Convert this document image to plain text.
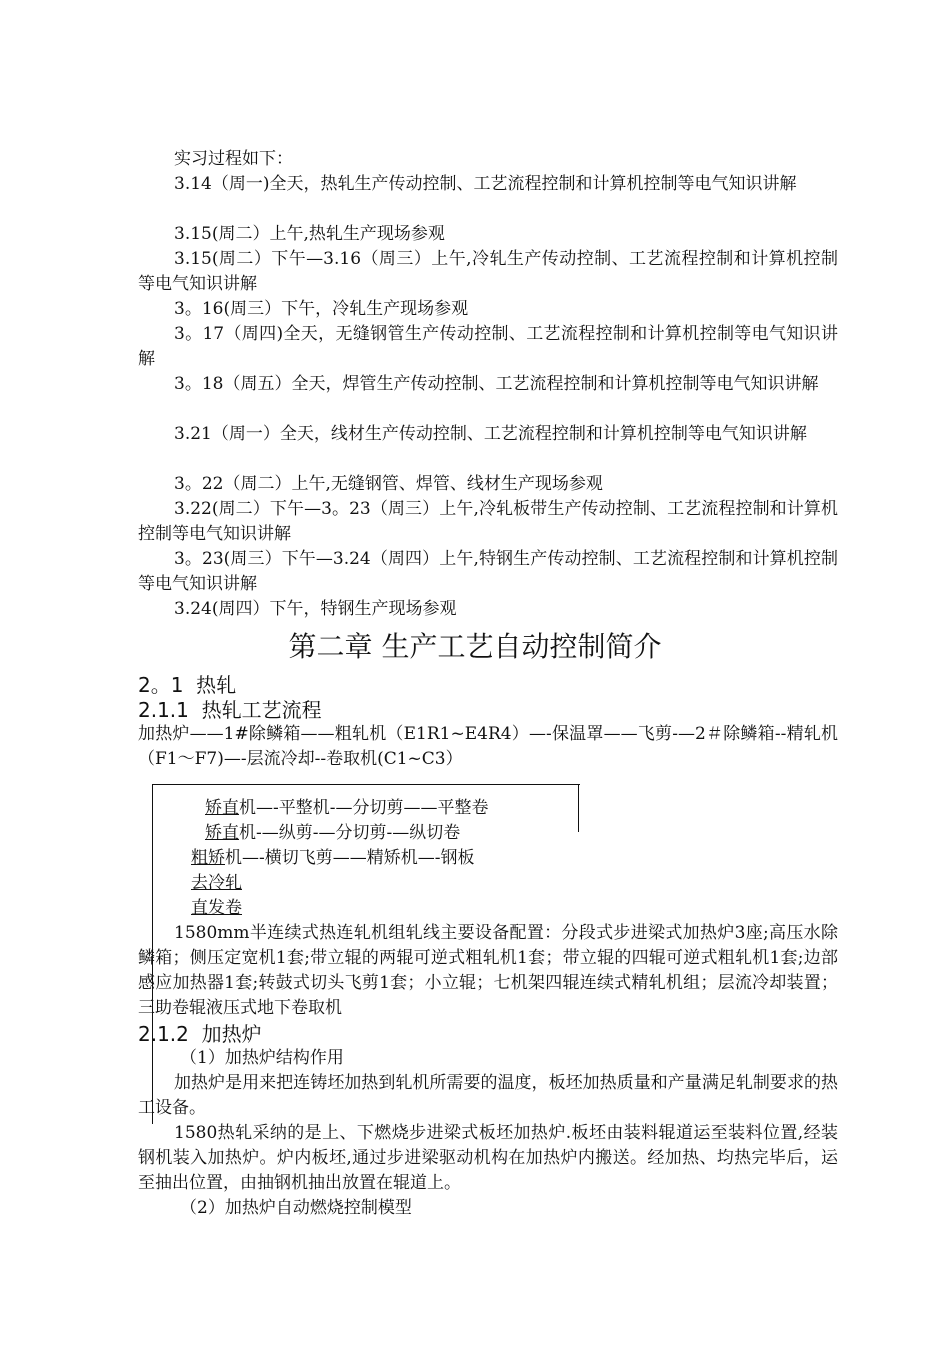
实习过程如下：
3.14（周一)全天，热轧生产传动控制、工艺流程控制和计算机控制等电气知识讲解
3.15(周二）上午,热轧生产现场参观
3.15(周二）下午—3.16（周三）上午,冷轧生产传动控制、工艺流程控制和计算机控制等电气知识讲解
3。16(周三）下午，冷轧生产现场参观
3。17（周四)全天，无缝钢管生产传动控制、工艺流程控制和计算机控制等电气知识讲解
3。18（周五）全天，焊管生产传动控制、工艺流程控制和计算机控制等电气知识讲解
3.21（周一）全天，线材生产传动控制、工艺流程控制和计算机控制等电气知识讲解
3。22（周二）上午,无缝钢管、焊管、线材生产现场参观
3.22(周二）下午—3。23（周三）上午,冷轧板带生产传动控制、工艺流程控制和计算机控制等电气知识讲解
3。23(周三）下午—3.24（周四）上午,特钢生产传动控制、工艺流程控制和计算机控制等电气知识讲解
3.24(周四）下午，特钢生产现场参观
第二章 生产工艺自动控制简介
2。1  热轧
2.1.1  热轧工艺流程
加热炉——1#除鳞箱——粗轧机（E1R1~E4R4）—-保温罩——飞剪-—2＃除鳞箱--精轧机（F1～F7)—-层流冷却--卷取机(C1~C3）
矫直机—-平整机-—分切剪——平整卷
矫直机-—纵剪-—分切剪-—纵切卷
粗矫机—-横切飞剪——精矫机—-钢板
去冷轧
直发卷
1580mm半连续式热连轧机组轧线主要设备配置：分段式步进梁式加热炉3座;高压水除鳞箱；侧压定宽机1套;带立辊的两辊可逆式粗轧机1套；带立辊的四辊可逆式粗轧机1套;边部感应加热器1套;转鼓式切头飞剪1套；小立辊；七机架四辊连续式精轧机组；层流冷却装置；三助卷辊液压式地下卷取机
2.1.2  加热炉
（1）加热炉结构作用
加热炉是用来把连铸坯加热到轧机所需要的温度，板坯加热质量和产量满足轧制要求的热工设备。
1580热轧采纳的是上、下燃烧步进梁式板坯加热炉.板坯由装料辊道运至装料位置,经装钢机装入加热炉。炉内板坯,通过步进梁驱动机构在加热炉内搬送。经加热、均热完毕后，运至抽出位置，由抽钢机抽出放置在辊道上。
（2）加热炉自动燃烧控制模型
